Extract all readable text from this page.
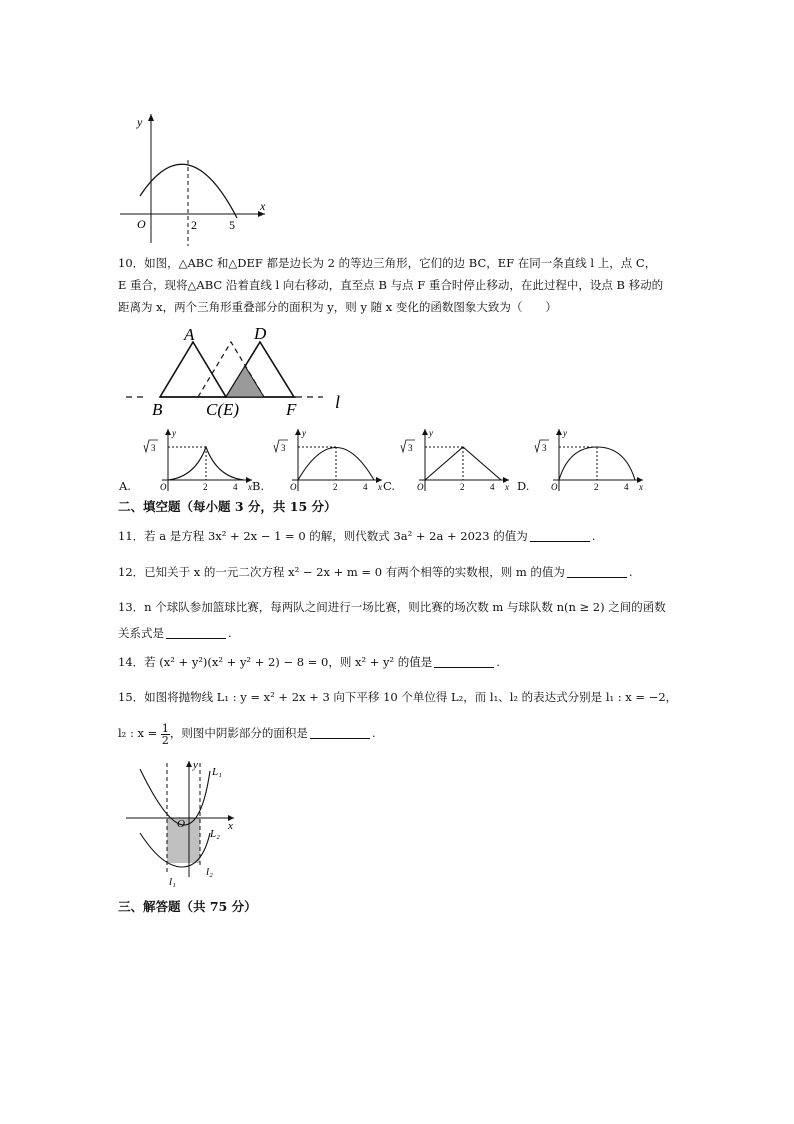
y
x
O	2	5
10．如图，△ABC 和△DEF 都是边长为 2 的等边三角形，它们的边 BC，EF 在同一条直线 l 上，点 C，
E 重合，现将△ABC 沿着直线 l 向右移动，直至点 B 与点 F 重合时停止移动，在此过程中，设点 B 移动的
距离为 x，两个三角形重叠部分的面积为 y，则 y 随 x 变化的函数图象大致为（　　）
A	D
B	C(E)	F l
A.
y
x
O	2	4
3
B.
y
x
O	2	4
3
C.
y
x
O	2	4
3
D.
y
x
O	2	4
3
二、填空题（每小题 3 分，共 15 分）
11．若 a 是方程 3x² + 2x − 1 = 0 的解，则代数式 3a² + 2a + 2023 的值为	.
12．已知关于 x 的一元二次方程 x² − 2x + m = 0 有两个相等的实数根，则 m 的值为	.
13．n 个球队参加篮球比赛，每两队之间进行一场比赛，则比赛的场次数 m 与球队数 n(n ≥ 2) 之间的函数
关系式是	.
14．若 (x² + y²)(x² + y² + 2) − 8 = 0，则 x² + y² 的值是	.
15．如图将抛物线 L₁ : y = x² + 2x + 3 向下平移 10 个单位得 L₂，而 l₁、l₂ 的表达式分别是 l₁ : x = −2，
l₂ : $x = \frac{1}{2}$ ，则图中阴影部分的面积是	.
y
x
O
L₁
L₂
l₂
l₁
三、解答题（共 75 分）
